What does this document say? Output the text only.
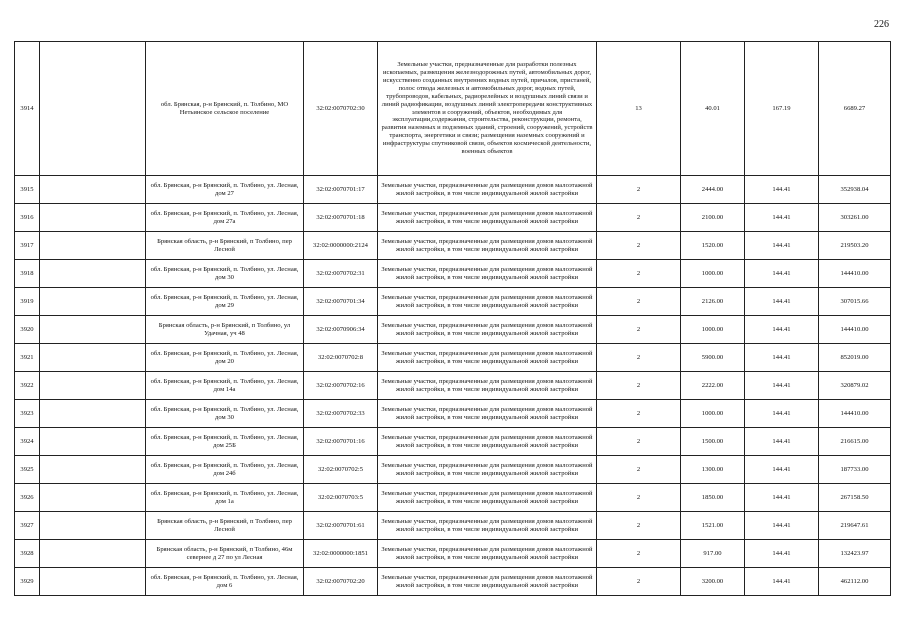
226
3914		обл. Брянская, р-н Брянский, п. Толбино, МО Нетьинское сельское поселение	32:02:0070702:30	Земельные участки, предназначенные для разработки полезных ископаемых, размещения железнодорожных путей, автомобильных дорог, искусственно созданных внутренних водных путей, причалов, пристаней, полос отвода железных и автомобильных дорог, водных путей, трубопроводов, кабельных, радиорелейных и воздушных линий связи и линий радиофикации, воздушных линий электропередачи конструктивных элементов и сооружений, объектов, необходимых для эксплуатации,содержания, строительства, реконструкции, ремонта, развития наземных и подземных зданий, строений, сооружений, устройств транспорта, энергетики и связи; размещения наземных сооружений и инфраструктуры спутниковой связи, объектов космической деятельности, военных объектов	13	40.01	167.19	6689.27
3915		обл. Брянская, р-н Брянский, п. Толбино, ул. Лесная, дом 27	32:02:0070701:17	Земельные участки, предназначенные для размещения домов малоэтажной жилой застройки, в том числе индивидуальной жилой застройки	2	2444.00	144.41	352938.04
3916		обл. Брянская, р-н Брянский, п. Толбино, ул. Лесная, дом 27а	32:02:0070701:18	Земельные участки, предназначенные для размещения домов малоэтажной жилой застройки, в том числе индивидуальной жилой застройки	2	2100.00	144.41	303261.00
3917		Брянская область, р-н Брянский, п Толбино, пер Лесной	32:02:0000000:2124	Земельные участки, предназначенные для размещения домов малоэтажной жилой застройки, в том числе индивидуальной жилой застройки	2	1520.00	144.41	219503.20
3918		обл. Брянская, р-н Брянский, п. Толбино, ул. Лесная, дом 30	32:02:0070702:31	Земельные участки, предназначенные для размещения домов малоэтажной жилой застройки, в том числе индивидуальной жилой застройки	2	1000.00	144.41	144410.00
3919		обл. Брянская, р-н Брянский, п. Толбино, ул. Лесная, дом 29	32:02:0070701:34	Земельные участки, предназначенные для размещения домов малоэтажной жилой застройки, в том числе индивидуальной жилой застройки	2	2126.00	144.41	307015.66
3920		Брянская область, р-н Брянский, п Толбино, ул Удачная, уч 48	32:02:0070906:34	Земельные участки, предназначенные для размещения домов малоэтажной жилой застройки, в том числе индивидуальной жилой застройки	2	1000.00	144.41	144410.00
3921		обл. Брянская, р-н Брянский, п. Толбино, ул. Лесная, дом 20	32:02:0070702:8	Земельные участки, предназначенные для размещения домов малоэтажной жилой застройки, в том числе индивидуальной жилой застройки	2	5900.00	144.41	852019.00
3922		обл. Брянская, р-н Брянский, п. Толбино, ул. Лесная, дом 14а	32:02:0070702:16	Земельные участки, предназначенные для размещения домов малоэтажной жилой застройки, в том числе индивидуальной жилой застройки	2	2222.00	144.41	320879.02
3923		обл. Брянская, р-н Брянский, п. Толбино, ул. Лесная, дом 30	32:02:0070702:33	Земельные участки, предназначенные для размещения домов малоэтажной жилой застройки, в том числе индивидуальной жилой застройки	2	1000.00	144.41	144410.00
3924		обл. Брянская, р-н Брянский, п. Толбино, ул. Лесная, дом 25Б	32:02:0070701:16	Земельные участки, предназначенные для размещения домов малоэтажной жилой застройки, в том числе индивидуальной жилой застройки	2	1500.00	144.41	216615.00
3925		обл. Брянская, р-н Брянский, п. Толбино, ул. Лесная, дом 24б	32:02:0070702:5	Земельные участки, предназначенные для размещения домов малоэтажной жилой застройки, в том числе индивидуальной жилой застройки	2	1300.00	144.41	187733.00
3926		обл. Брянская, р-н Брянский, п. Толбино, ул. Лесная, дом 1а	32:02:0070703:5	Земельные участки, предназначенные для размещения домов малоэтажной жилой застройки, в том числе индивидуальной жилой застройки	2	1850.00	144.41	267158.50
3927		Брянская область, р-н Брянский, п Толбино, пер Лесной	32:02:0070701:61	Земельные участки, предназначенные для размещения домов малоэтажной жилой застройки, в том числе индивидуальной жилой застройки	2	1521.00	144.41	219647.61
3928		Брянская область, р-н Брянский, п Толбино, 46м севернее д 27 по ул Лесная	32:02:0000000:1851	Земельные участки, предназначенные для размещения домов малоэтажной жилой застройки, в том числе индивидуальной жилой застройки	2	917.00	144.41	132423.97
3929		обл. Брянская, р-н Брянский, п. Толбино, ул. Лесная, дом 6	32:02:0070702:20	Земельные участки, предназначенные для размещения домов малоэтажной жилой застройки, в том числе индивидуальной жилой застройки	2	3200.00	144.41	462112.00
